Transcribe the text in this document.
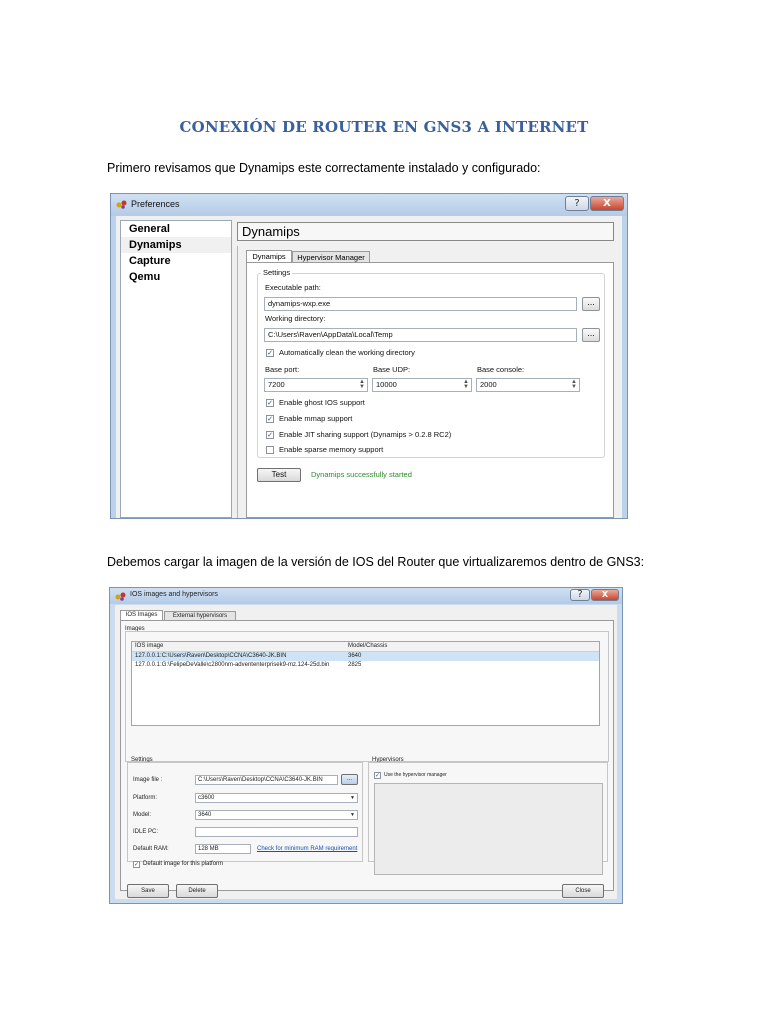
CONEXIÓN DE ROUTER EN GNS3 A INTERNET
Primero revisamos que Dynamips este correctamente instalado y configurado:
Debemos cargar la imagen de la versión de IOS del Router que virtualizaremos dentro de GNS3:
Preferences	?	X
General
Dynamips
Capture
Qemu
Dynamips
Dynamips	Hypervisor Manager
Settings
Executable path:
dynamips-wxp.exe	...
Working directory:
C:\Users\Raven\AppData\Local\Temp	...
✓ Automatically clean the working directory
Base port:
7200	▲
▼
Base UDP:
10000	▲
▼
Base console:
2000	▲
▼
✓ Enable ghost IOS support
✓ Enable mmap support
✓ Enable JIT sharing support (Dynamips > 0.2.8 RC2)
Enable sparse memory support
Test	Dynamips successfully started
IOS images and hypervisors	?	X
IOS Images	External hypervisors
Images
IOS image	Model/Chassis
127.0.0.1:C:\Users\Raven\Desktop\CCNA\C3640-JK.BIN	3640
127.0.0.1:G:\FelipeDeValle\c2800nm-advententerprisek9-mz.124-25d.bin	2825
Settings
Image file :	C:\Users\Raven\Desktop\CCNA\C3640-JK.BIN	...
Platform:	c3600	▼
Model:	3640	▼
IDLE PC:
Default RAM:	128 MB	Check for minimum RAM requirement
✓ Default image for this platform
Hypervisors
✓ Use the hypervisor manager
Save	Delete	Close
